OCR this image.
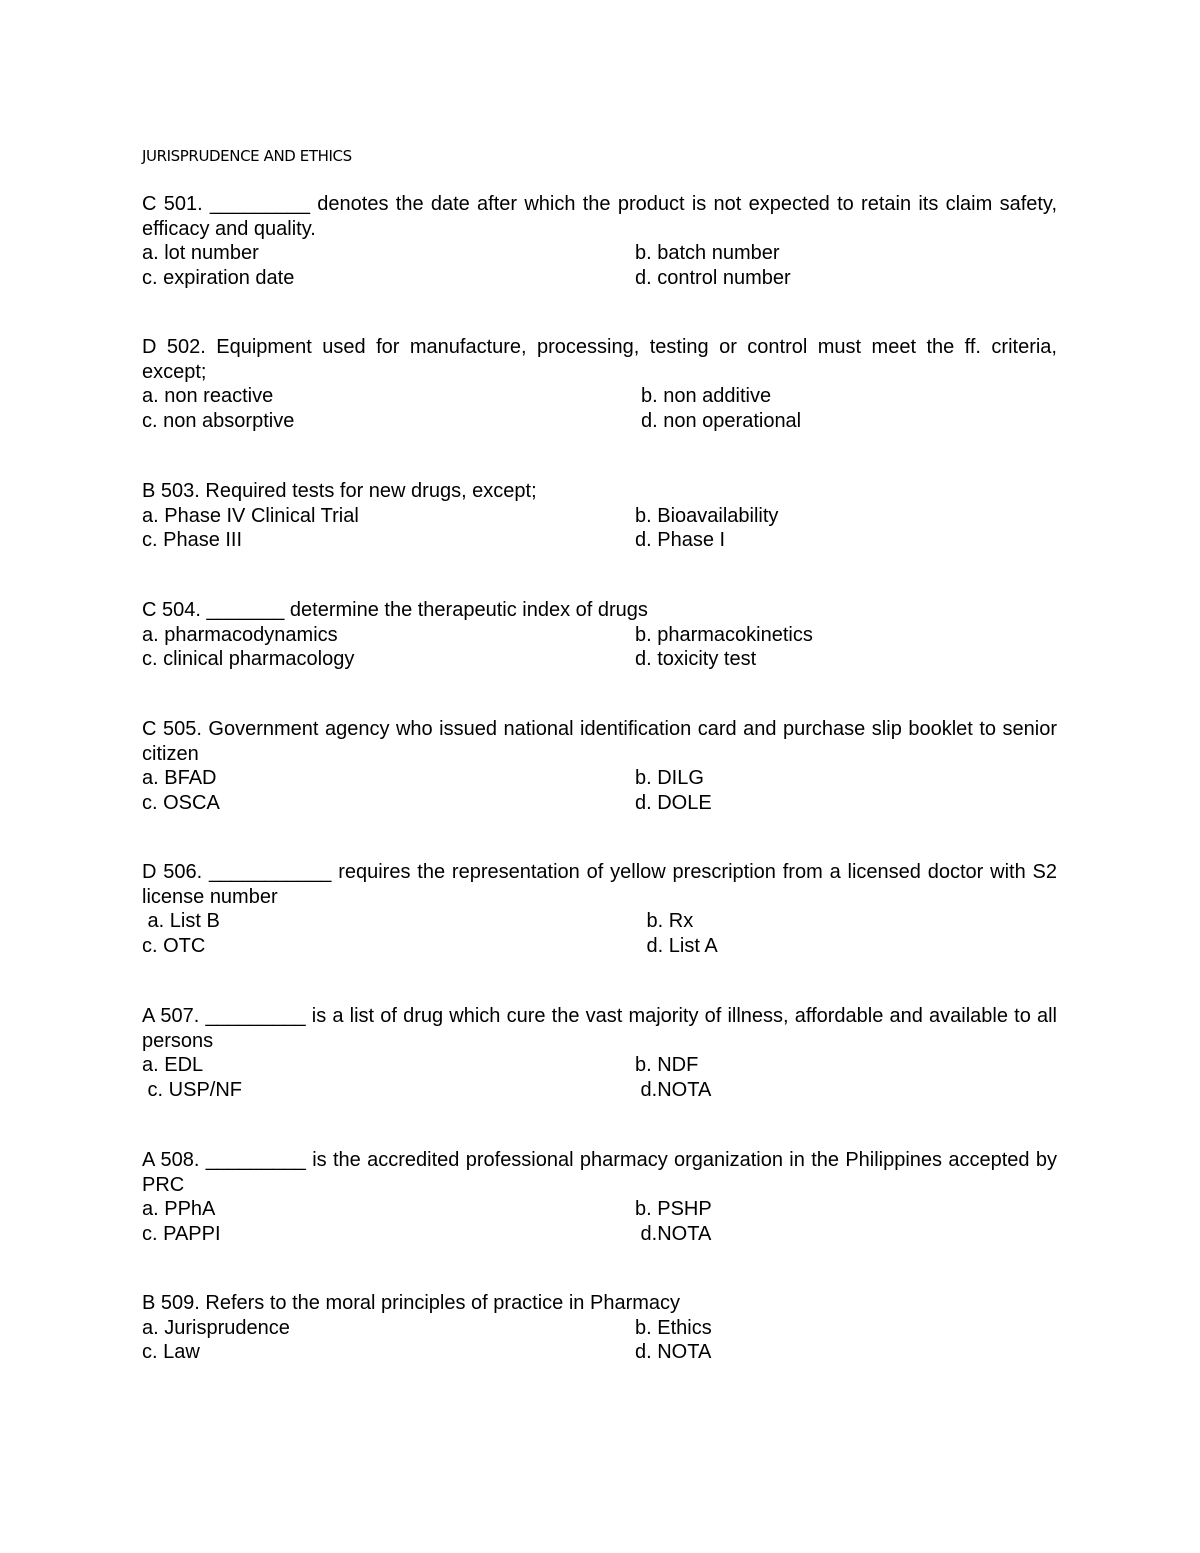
JURISPRUDENCE AND ETHICS
C 501. _________ denotes the date after which the product is not expected to retain its claim safety, efficacy and quality.
a. lot number	b. batch number
c. expiration date	d. control number
D 502. Equipment used for manufacture, processing, testing or control must meet the ff. criteria, except;
a. non reactive	b. non additive
c. non absorptive	d. non operational
B 503. Required tests for new drugs, except;
a. Phase IV Clinical Trial	b. Bioavailability
c. Phase III	d. Phase I
C 504. _______ determine the therapeutic index of drugs
a. pharmacodynamics	b. pharmacokinetics
c. clinical pharmacology	d. toxicity test
C 505. Government agency who issued national identification card and purchase slip booklet to senior citizen
a. BFAD	b. DILG
c. OSCA	d. DOLE
D 506. ___________ requires the representation of yellow prescription from a licensed doctor with S2 license number
a. List B	b. Rx
c. OTC	d. List A
A 507. _________ is a list of drug which cure the vast majority of illness, affordable and available to all persons
a. EDL	b. NDF
c. USP/NF	d.NOTA
A 508. _________ is the accredited professional pharmacy organization in the Philippines accepted by PRC
a. PPhA	b. PSHP
c. PAPPI	d.NOTA
B 509. Refers to the moral principles of practice in Pharmacy
a. Jurisprudence	b. Ethics
c. Law	d. NOTA
